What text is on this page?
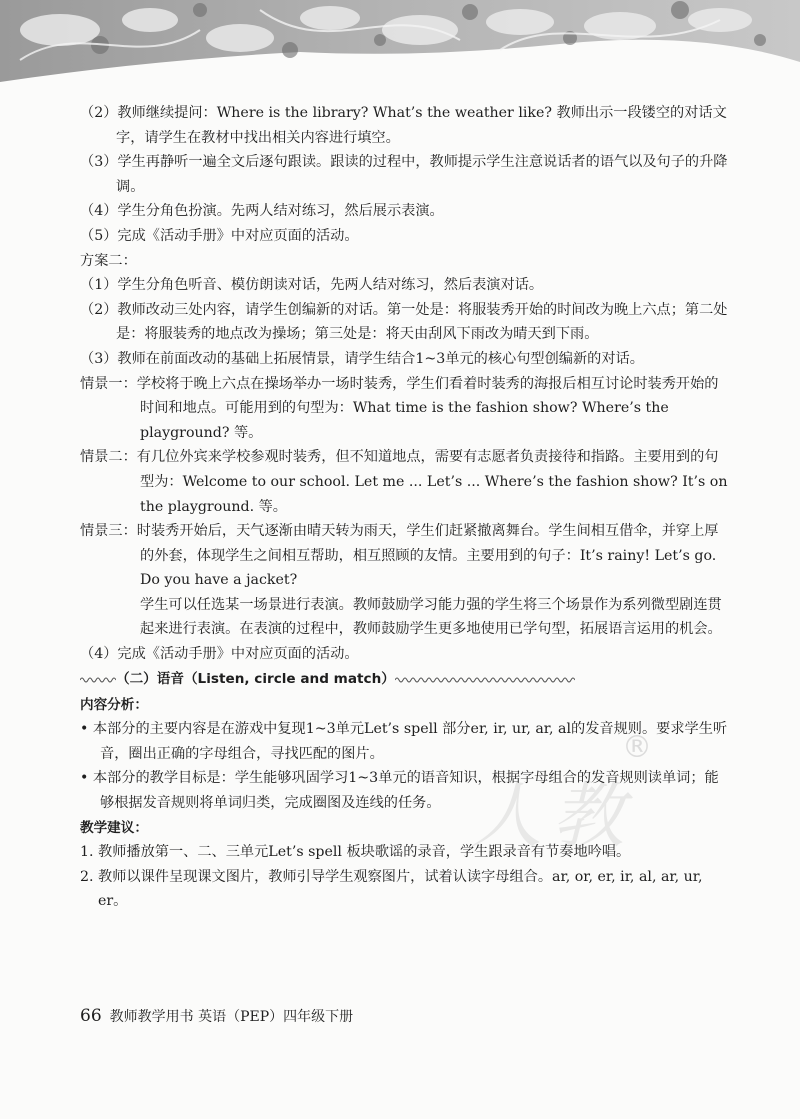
人教
®

（2）教师继续提问：Where is the library? What’s the weather like? 教师出示一段镂空的对话文字，请学生在教材中找出相关内容进行填空。

（3）学生再静听一遍全文后逐句跟读。跟读的过程中，教师提示学生注意说话者的语气以及句子的升降调。

（4）学生分角色扮演。先两人结对练习，然后展示表演。

（5）完成《活动手册》中对应页面的活动。

方案二：

（1）学生分角色听音、模仿朗读对话，先两人结对练习，然后表演对话。

（2）教师改动三处内容，请学生创编新的对话。第一处是：将服装秀开始的时间改为晚上六点；第二处是：将服装秀的地点改为操场；第三处是：将天由刮风下雨改为晴天到下雨。

（3）教师在前面改动的基础上拓展情景，请学生结合1~3单元的核心句型创编新的对话。

情景一：学校将于晚上六点在操场举办一场时装秀，学生们看着时装秀的海报后相互讨论时装秀开始的时间和地点。可能用到的句型为：What time is the fashion show? Where’s the playground? 等。

情景二：有几位外宾来学校参观时装秀，但不知道地点，需要有志愿者负责接待和指路。主要用到的句型为：Welcome to our school. Let me ... Let’s ... Where’s the fashion show? It’s on the playground. 等。

情景三：时装秀开始后，天气逐渐由晴天转为雨天，学生们赶紧撤离舞台。学生间相互借伞，并穿上厚的外套，体现学生之间相互帮助，相互照顾的友情。主要用到的句子：It’s rainy! Let’s go. Do you have a jacket?

学生可以任选某一场景进行表演。教师鼓励学习能力强的学生将三个场景作为系列微型剧连贯起来进行表演。在表演的过程中，教师鼓励学生更多地使用已学句型，拓展语言运用的机会。

（4）完成《活动手册》中对应页面的活动。

（二）语音（Listen, circle and match）

内容分析：

• 本部分的主要内容是在游戏中复现1~3单元Let’s spell 部分er, ir, ur, ar, al的发音规则。要求学生听音，圈出正确的字母组合，寻找匹配的图片。

• 本部分的教学目标是：学生能够巩固学习1~3单元的语音知识，根据字母组合的发音规则读单词；能够根据发音规则将单词归类，完成圈图及连线的任务。

教学建议：

1. 教师播放第一、二、三单元Let’s spell 板块歌谣的录音，学生跟录音有节奏地吟唱。

2. 教师以课件呈现课文图片，教师引导学生观察图片，试着认读字母组合。ar, or, er, ir, al, ar, ur, er。

66 教师教学用书 英语（PEP）四年级下册
